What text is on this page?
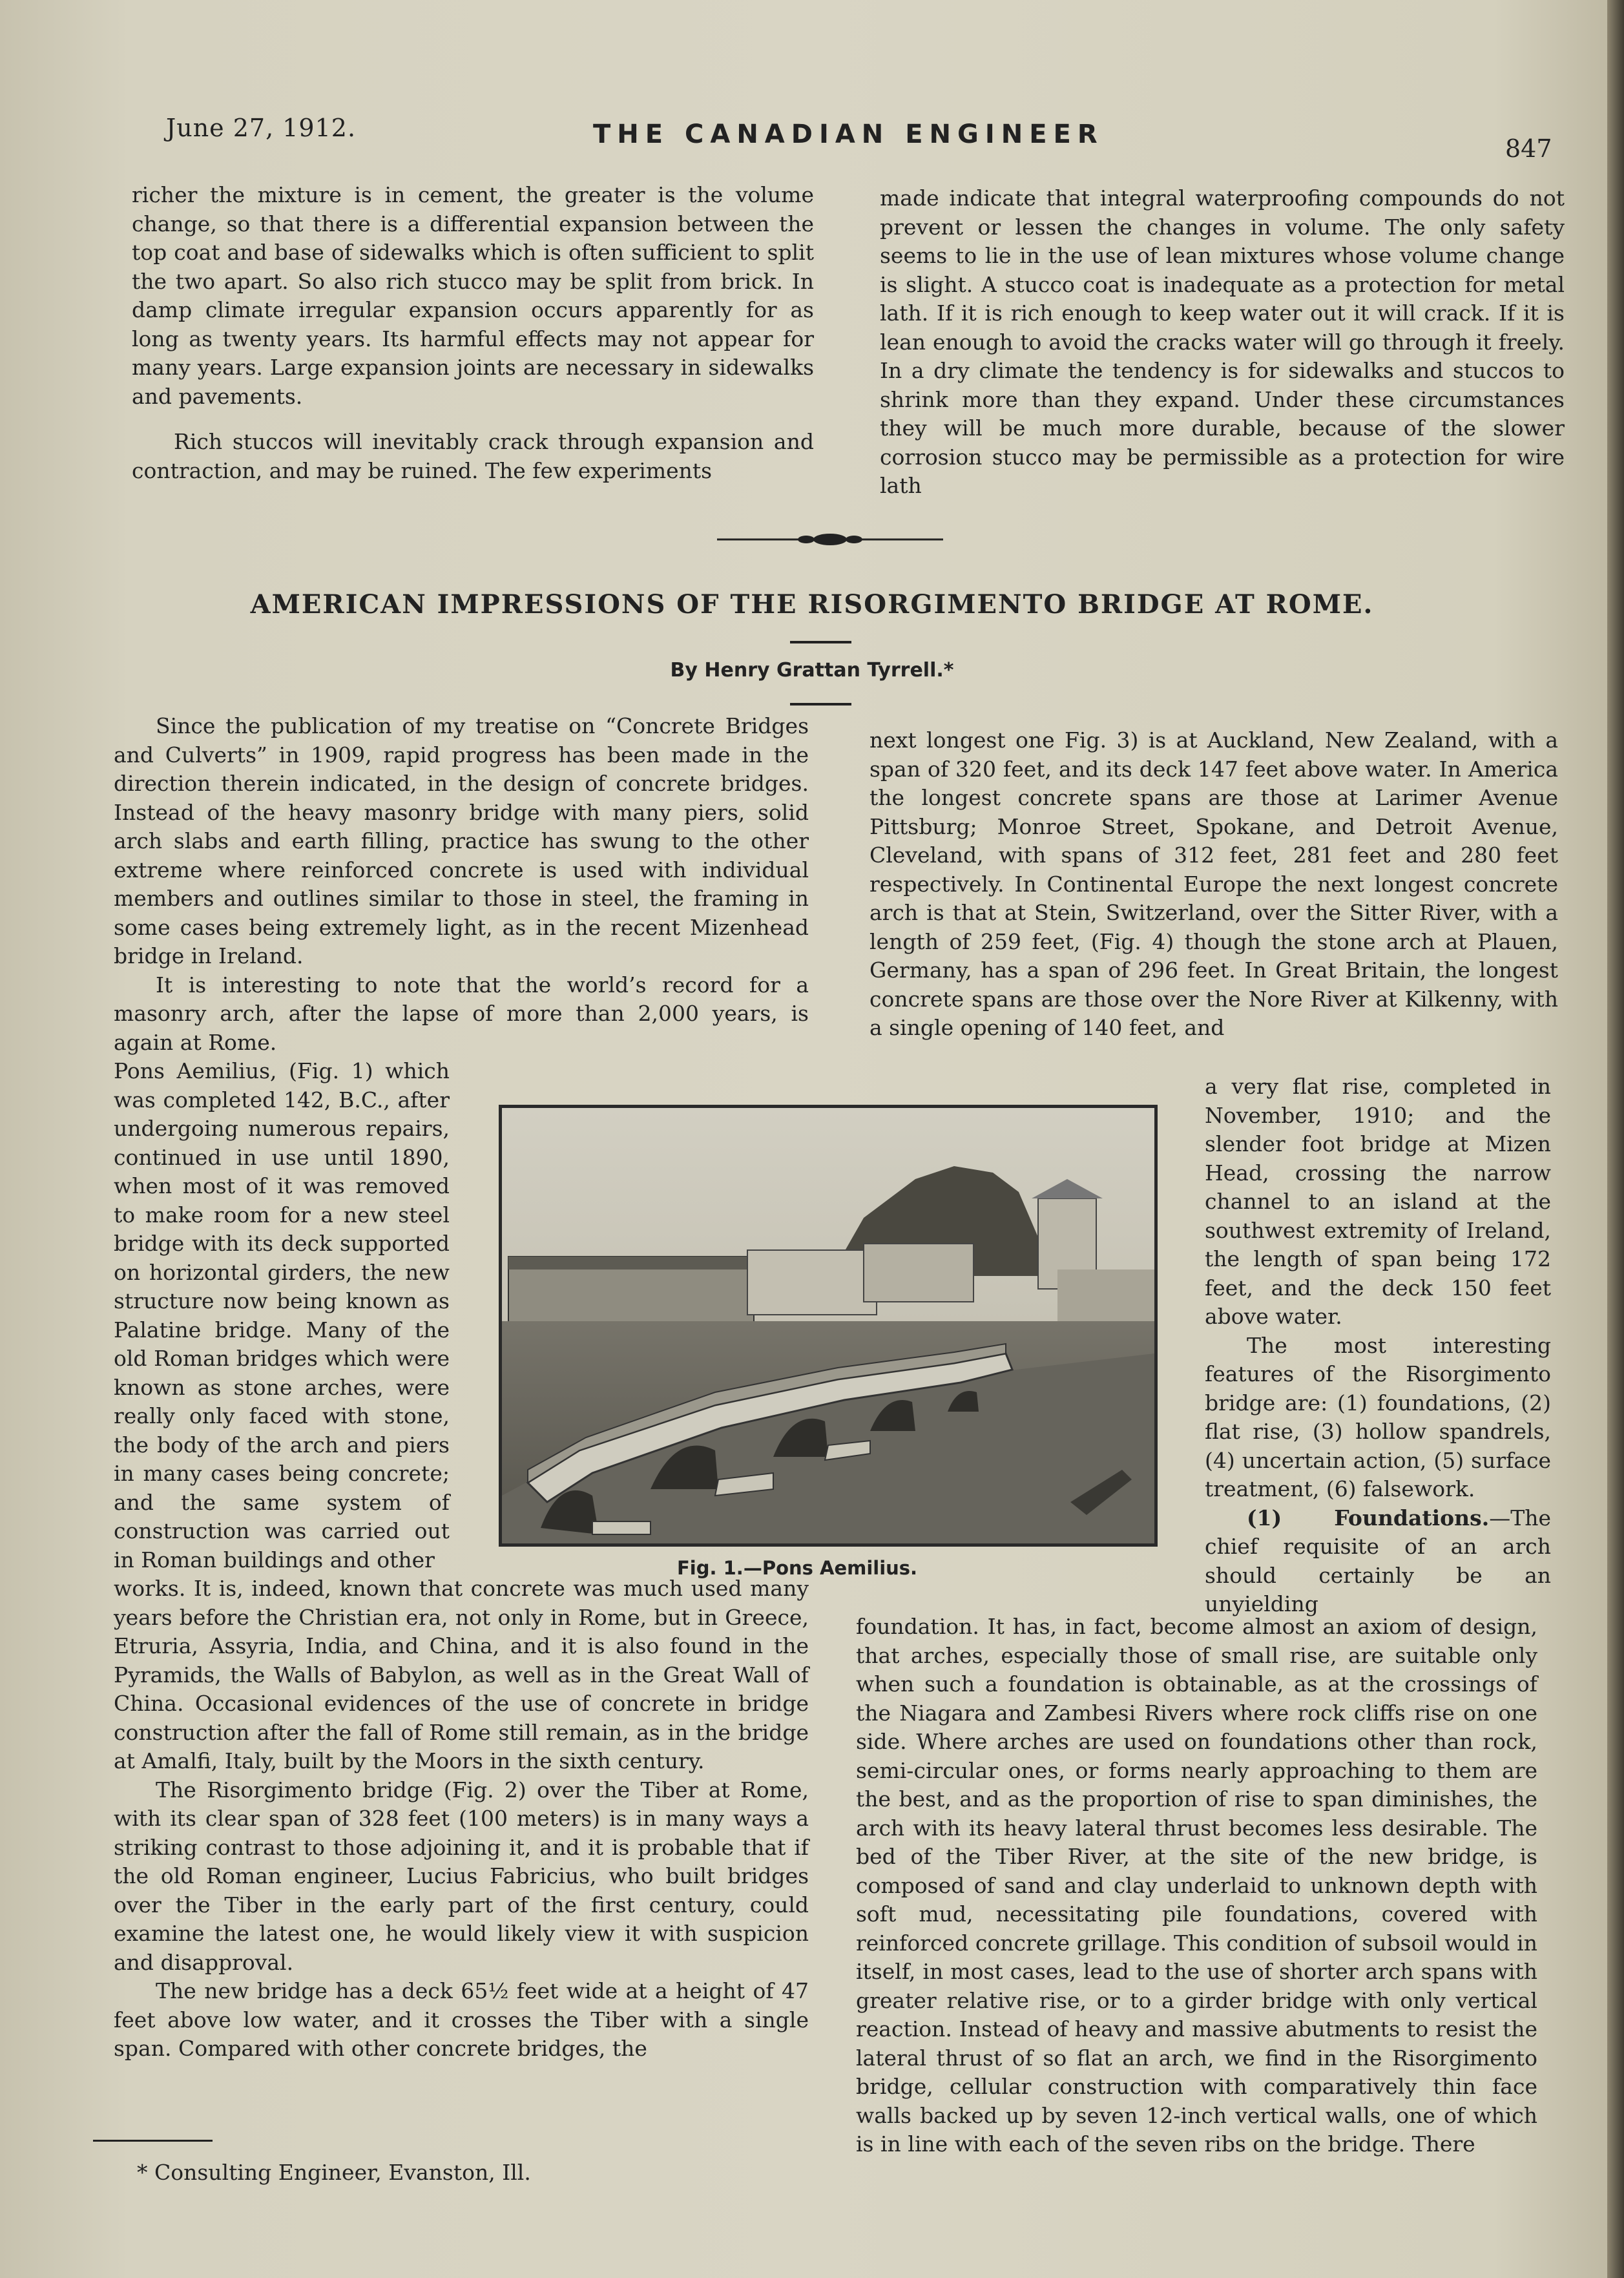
June 27, 1912.	THE CANADIAN ENGINEER	847

richer the mixture is in cement, the greater is the volume change, so that there is a differential expansion between the top coat and base of sidewalks which is often sufficient to split the two apart. So also rich stucco may be split from brick. In damp climate irregular expansion occurs apparently for as long as twenty years. Its harmful effects may not appear for many years. Large expansion joints are necessary in sidewalks and pavements.

Rich stuccos will inevitably crack through expansion and contraction, and may be ruined. The few experiments

made indicate that integral waterproofing compounds do not prevent or lessen the changes in volume. The only safety seems to lie in the use of lean mixtures whose volume change is slight. A stucco coat is inadequate as a protection for metal lath. If it is rich enough to keep water out it will crack. If it is lean enough to avoid the cracks water will go through it freely. In a dry climate the tendency is for sidewalks and stuccos to shrink more than they expand. Under these circumstances they will be much more durable, because of the slower corrosion stucco may be permissible as a protection for wire lath

AMERICAN IMPRESSIONS OF THE RISORGIMENTO BRIDGE AT ROME.
By Henry Grattan Tyrrell.*

Since the publication of my treatise on “Concrete Bridges and Culverts” in 1909, rapid progress has been made in the direction therein indicated, in the design of concrete bridges. Instead of the heavy masonry bridge with many piers, solid arch slabs and earth filling, practice has swung to the other extreme where reinforced concrete is used with individual members and outlines similar to those in steel, the framing in some cases being extremely light, as in the recent Mizenhead bridge in Ireland.

It is interesting to note that the world’s record for a masonry arch, after the lapse of more than 2,000 years, is again at Rome.

Pons Aemilius, (Fig. 1) which was completed 142, B.C., after undergoing numerous repairs, continued in use until 1890, when most of it was removed to make room for a new steel bridge with its deck supported on horizontal girders, the new structure now being known as Palatine bridge. Many of the old Roman bridges which were known as stone arches, were really only faced with stone, the body of the arch and piers in many cases being concrete; and the same system of construction was carried out in Roman buildings and other

works. It is, indeed, known that concrete was much used many years before the Christian era, not only in Rome, but in Greece, Etruria, Assyria, India, and China, and it is also found in the Pyramids, the Walls of Babylon, as well as in the Great Wall of China. Occasional evidences of the use of concrete in bridge construction after the fall of Rome still remain, as in the bridge at Amalfi, Italy, built by the Moors in the sixth century.

The Risorgimento bridge (Fig. 2) over the Tiber at Rome, with its clear span of 328 feet (100 meters) is in many ways a striking contrast to those adjoining it, and it is probable that if the old Roman engineer, Lucius Fabricius, who built bridges over the Tiber in the early part of the first century, could examine the latest one, he would likely view it with suspicion and disapproval.

The new bridge has a deck 65½ feet wide at a height of 47 feet above low water, and it crosses the Tiber with a single span. Compared with other concrete bridges, the

next longest one Fig. 3) is at Auckland, New Zealand, with a span of 320 feet, and its deck 147 feet above water. In America the longest concrete spans are those at Larimer Avenue Pittsburg; Monroe Street, Spokane, and Detroit Avenue, Cleveland, with spans of 312 feet, 281 feet and 280 feet respectively. In Continental Europe the next longest concrete arch is that at Stein, Switzerland, over the Sitter River, with a length of 259 feet, (Fig. 4) though the stone arch at Plauen, Germany, has a span of 296 feet. In Great Britain, the longest concrete spans are those over the Nore River at Kilkenny, with a single opening of 140 feet, and

a very flat rise, completed in November, 1910; and the slender foot bridge at Mizen Head, crossing the narrow channel to an island at the southwest extremity of Ireland, the length of span being 172 feet, and the deck 150 feet above water.

The most interesting features of the Risorgimento bridge are: (1) foundations, (2) flat rise, (3) hollow spandrels, (4) uncertain action, (5) surface treatment, (6) falsework.

(1) Foundations.—The chief requisite of an arch should certainly be an unyielding

foundation. It has, in fact, become almost an axiom of design, that arches, especially those of small rise, are suitable only when such a foundation is obtainable, as at the crossings of the Niagara and Zambesi Rivers where rock cliffs rise on one side. Where arches are used on foundations other than rock, semi-circular ones, or forms nearly approaching to them are the best, and as the proportion of rise to span diminishes, the arch with its heavy lateral thrust becomes less desirable. The bed of the Tiber River, at the site of the new bridge, is composed of sand and clay underlaid to unknown depth with soft mud, necessitating pile foundations, covered with reinforced concrete grillage. This condition of subsoil would in itself, in most cases, lead to the use of shorter arch spans with greater relative rise, or to a girder bridge with only vertical reaction. Instead of heavy and massive abutments to resist the lateral thrust of so flat an arch, we find in the Risorgimento bridge, cellular construction with comparatively thin face walls backed up by seven 12-inch vertical walls, one of which is in line with each of the seven ribs on the bridge. There

Fig. 1.—Pons Aemilius.
* Consulting Engineer, Evanston, Ill.
